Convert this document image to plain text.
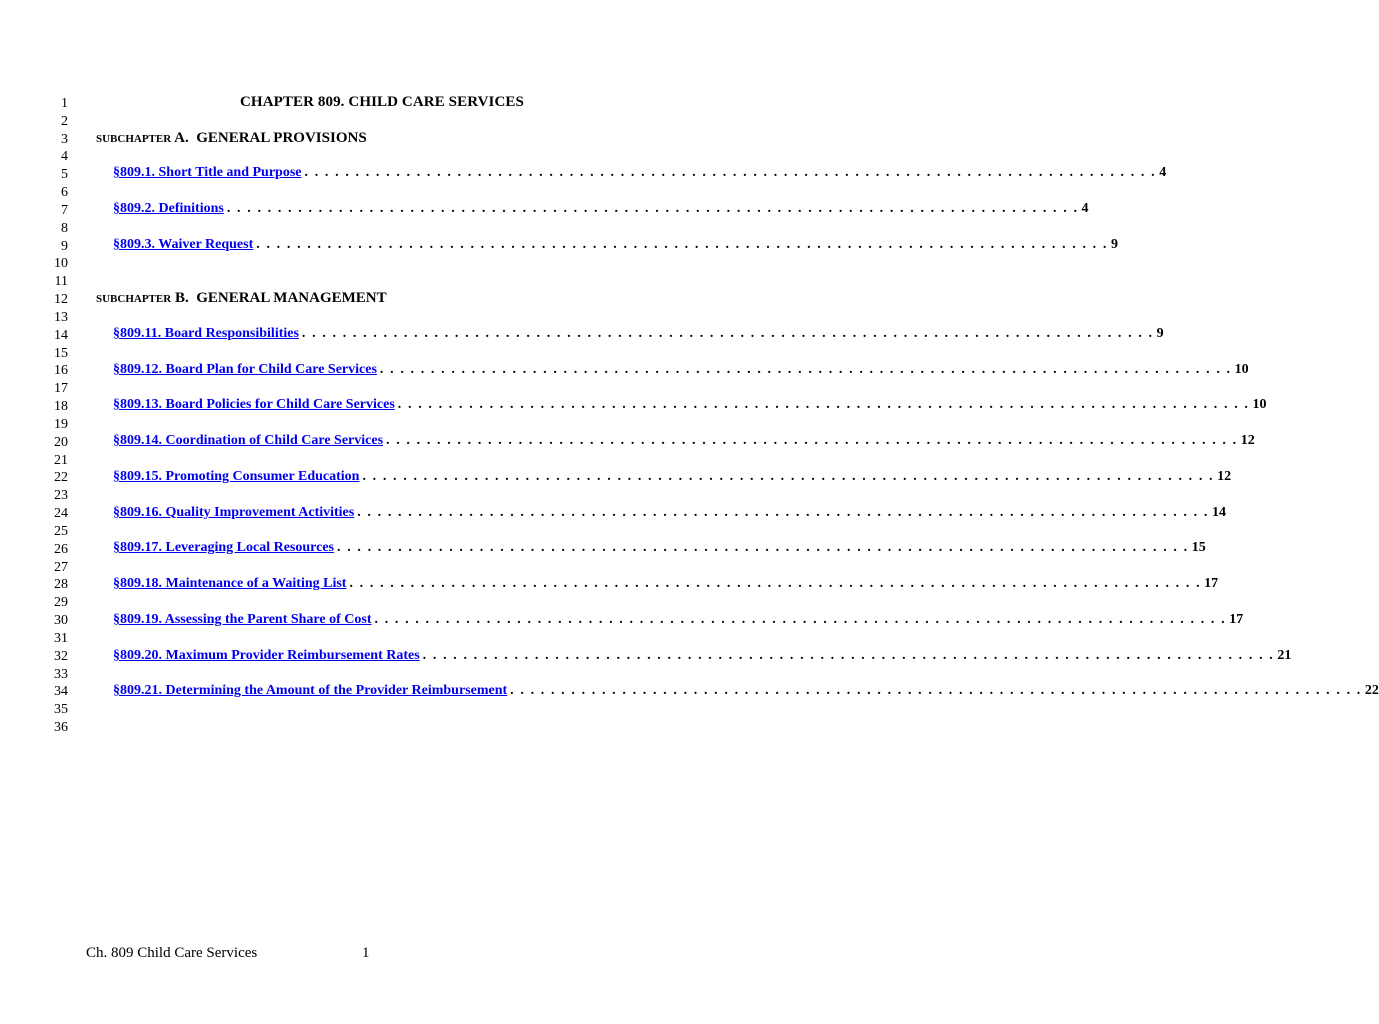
1
2
3
4
5
6
7
8
9
10
11
12
13
14
15
16
17
18
19
20
21
22
23
24
25
26
27
28
29
30
31
32
33
34
35
36
CHAPTER 809. CHILD CARE SERVICES
SUBCHAPTER A.  GENERAL PROVISIONS
§809.1. Short Title and Purpose . . . . . . . . . . . . . . . . . . . . . . . . . . . . . . . . . . . . . . . . . . . . . . . . . . . . . . . . . . . . . . . . . . . . . . . . . . . . . . . . . . . . 4
§809.2. Definitions . . . . . . . . . . . . . . . . . . . . . . . . . . . . . . . . . . . . . . . . . . . . . . . . . . . . . . . . . . . . . . . . . . . . . . . . . . . . . . . . . . . . 4
§809.3. Waiver Request . . . . . . . . . . . . . . . . . . . . . . . . . . . . . . . . . . . . . . . . . . . . . . . . . . . . . . . . . . . . . . . . . . . . . . . . . . . . . . . . . . . . 9
SUBCHAPTER B.  GENERAL MANAGEMENT
§809.11. Board Responsibilities . . . . . . . . . . . . . . . . . . . . . . . . . . . . . . . . . . . . . . . . . . . . . . . . . . . . . . . . . . . . . . . . . . . . . . . . . . . . . . . . . . . . 9
§809.12. Board Plan for Child Care Services . . . . . . . . . . . . . . . . . . . . . . . . . . . . . . . . . . . . . . . . . . . . . . . . . . . . . . . . . . . . . . . . . . . . . . . . . . . . . . . . . . . . 10
§809.13. Board Policies for Child Care Services . . . . . . . . . . . . . . . . . . . . . . . . . . . . . . . . . . . . . . . . . . . . . . . . . . . . . . . . . . . . . . . . . . . . . . . . . . . . . . . . . . . . 10
§809.14. Coordination of Child Care Services . . . . . . . . . . . . . . . . . . . . . . . . . . . . . . . . . . . . . . . . . . . . . . . . . . . . . . . . . . . . . . . . . . . . . . . . . . . . . . . . . . . . 12
§809.15. Promoting Consumer Education . . . . . . . . . . . . . . . . . . . . . . . . . . . . . . . . . . . . . . . . . . . . . . . . . . . . . . . . . . . . . . . . . . . . . . . . . . . . . . . . . . . . 12
§809.16. Quality Improvement Activities . . . . . . . . . . . . . . . . . . . . . . . . . . . . . . . . . . . . . . . . . . . . . . . . . . . . . . . . . . . . . . . . . . . . . . . . . . . . . . . . . . . . 14
§809.17. Leveraging Local Resources . . . . . . . . . . . . . . . . . . . . . . . . . . . . . . . . . . . . . . . . . . . . . . . . . . . . . . . . . . . . . . . . . . . . . . . . . . . . . . . . . . . . 15
§809.18. Maintenance of a Waiting List . . . . . . . . . . . . . . . . . . . . . . . . . . . . . . . . . . . . . . . . . . . . . . . . . . . . . . . . . . . . . . . . . . . . . . . . . . . . . . . . . . . . 17
§809.19. Assessing the Parent Share of Cost . . . . . . . . . . . . . . . . . . . . . . . . . . . . . . . . . . . . . . . . . . . . . . . . . . . . . . . . . . . . . . . . . . . . . . . . . . . . . . . . . . . . 17
§809.20. Maximum Provider Reimbursement Rates . . . . . . . . . . . . . . . . . . . . . . . . . . . . . . . . . . . . . . . . . . . . . . . . . . . . . . . . . . . . . . . . . . . . . . . . . . . . . . . . . . . . 21
§809.21. Determining the Amount of the Provider Reimbursement . . . . . . . . . . . . . . . . . . . . . . . . . . . . . . . . . . . . . . . . . . . . . . . . . . . . . . . . . . . . . . . . . . . . . . . . . . . . . . . . . . . . 22
Ch. 809 Child Care Services	1
